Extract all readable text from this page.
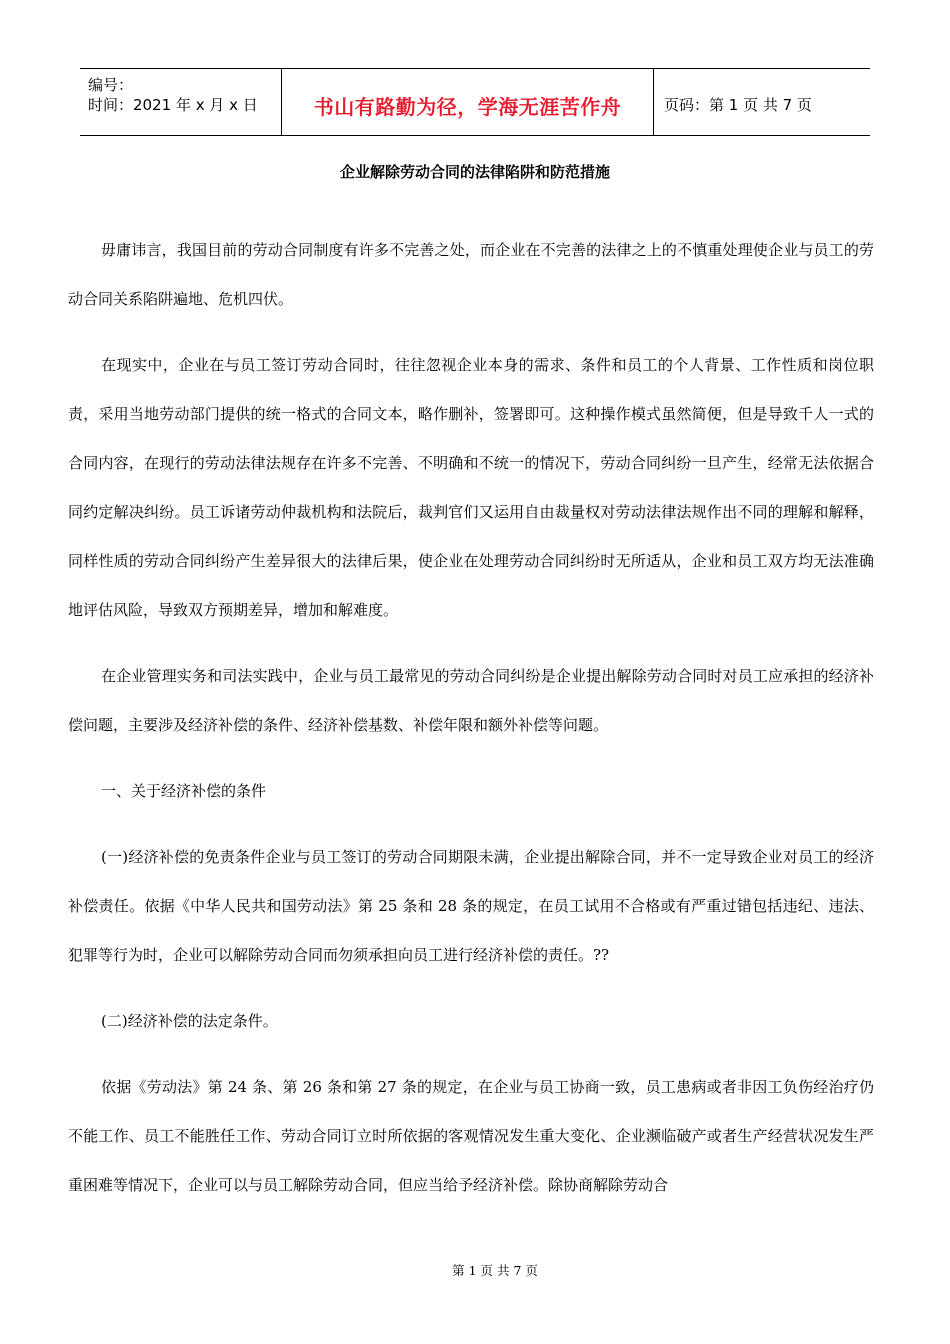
编号：
时间：2021 年 x 月 x 日	书山有路勤为径，学海无涯苦作舟	页码：第 1 页 共 7 页
企业解除劳动合同的法律陷阱和防范措施

毋庸讳言，我国目前的劳动合同制度有许多不完善之处，而企业在不完善的法律之上的不慎重处理使企业与员工的劳动合同关系陷阱遍地、危机四伏。

在现实中，企业在与员工签订劳动合同时，往往忽视企业本身的需求、条件和员工的个人背景、工作性质和岗位职责，采用当地劳动部门提供的统一格式的合同文本，略作删补，签署即可。这种操作模式虽然简便，但是导致千人一式的合同内容，在现行的劳动法律法规存在许多不完善、不明确和不统一的情况下，劳动合同纠纷一旦产生，经常无法依据合同约定解决纠纷。员工诉诸劳动仲裁机构和法院后，裁判官们又运用自由裁量权对劳动法律法规作出不同的理解和解释，同样性质的劳动合同纠纷产生差异很大的法律后果，使企业在处理劳动合同纠纷时无所适从，企业和员工双方均无法准确地评估风险，导致双方预期差异，增加和解难度。

在企业管理实务和司法实践中，企业与员工最常见的劳动合同纠纷是企业提出解除劳动合同时对员工应承担的经济补偿问题，主要涉及经济补偿的条件、经济补偿基数、补偿年限和额外补偿等问题。

一、关于经济补偿的条件

(一)经济补偿的免责条件企业与员工签订的劳动合同期限未满，企业提出解除合同，并不一定导致企业对员工的经济补偿责任。依据《中华人民共和国劳动法》第 25 条和 28 条的规定，在员工试用不合格或有严重过错包括违纪、违法、犯罪等行为时，企业可以解除劳动合同而勿须承担向员工进行经济补偿的责任。??

(二)经济补偿的法定条件。

依据《劳动法》第 24 条、第 26 条和第 27 条的规定，在企业与员工协商一致，员工患病或者非因工负伤经治疗仍不能工作、员工不能胜任工作、劳动合同订立时所依据的客观情况发生重大变化、企业濒临破产或者生产经营状况发生严重困难等情况下，企业可以与员工解除劳动合同，但应当给予经济补偿。除协商解除劳动合

第 1 页 共 7 页
